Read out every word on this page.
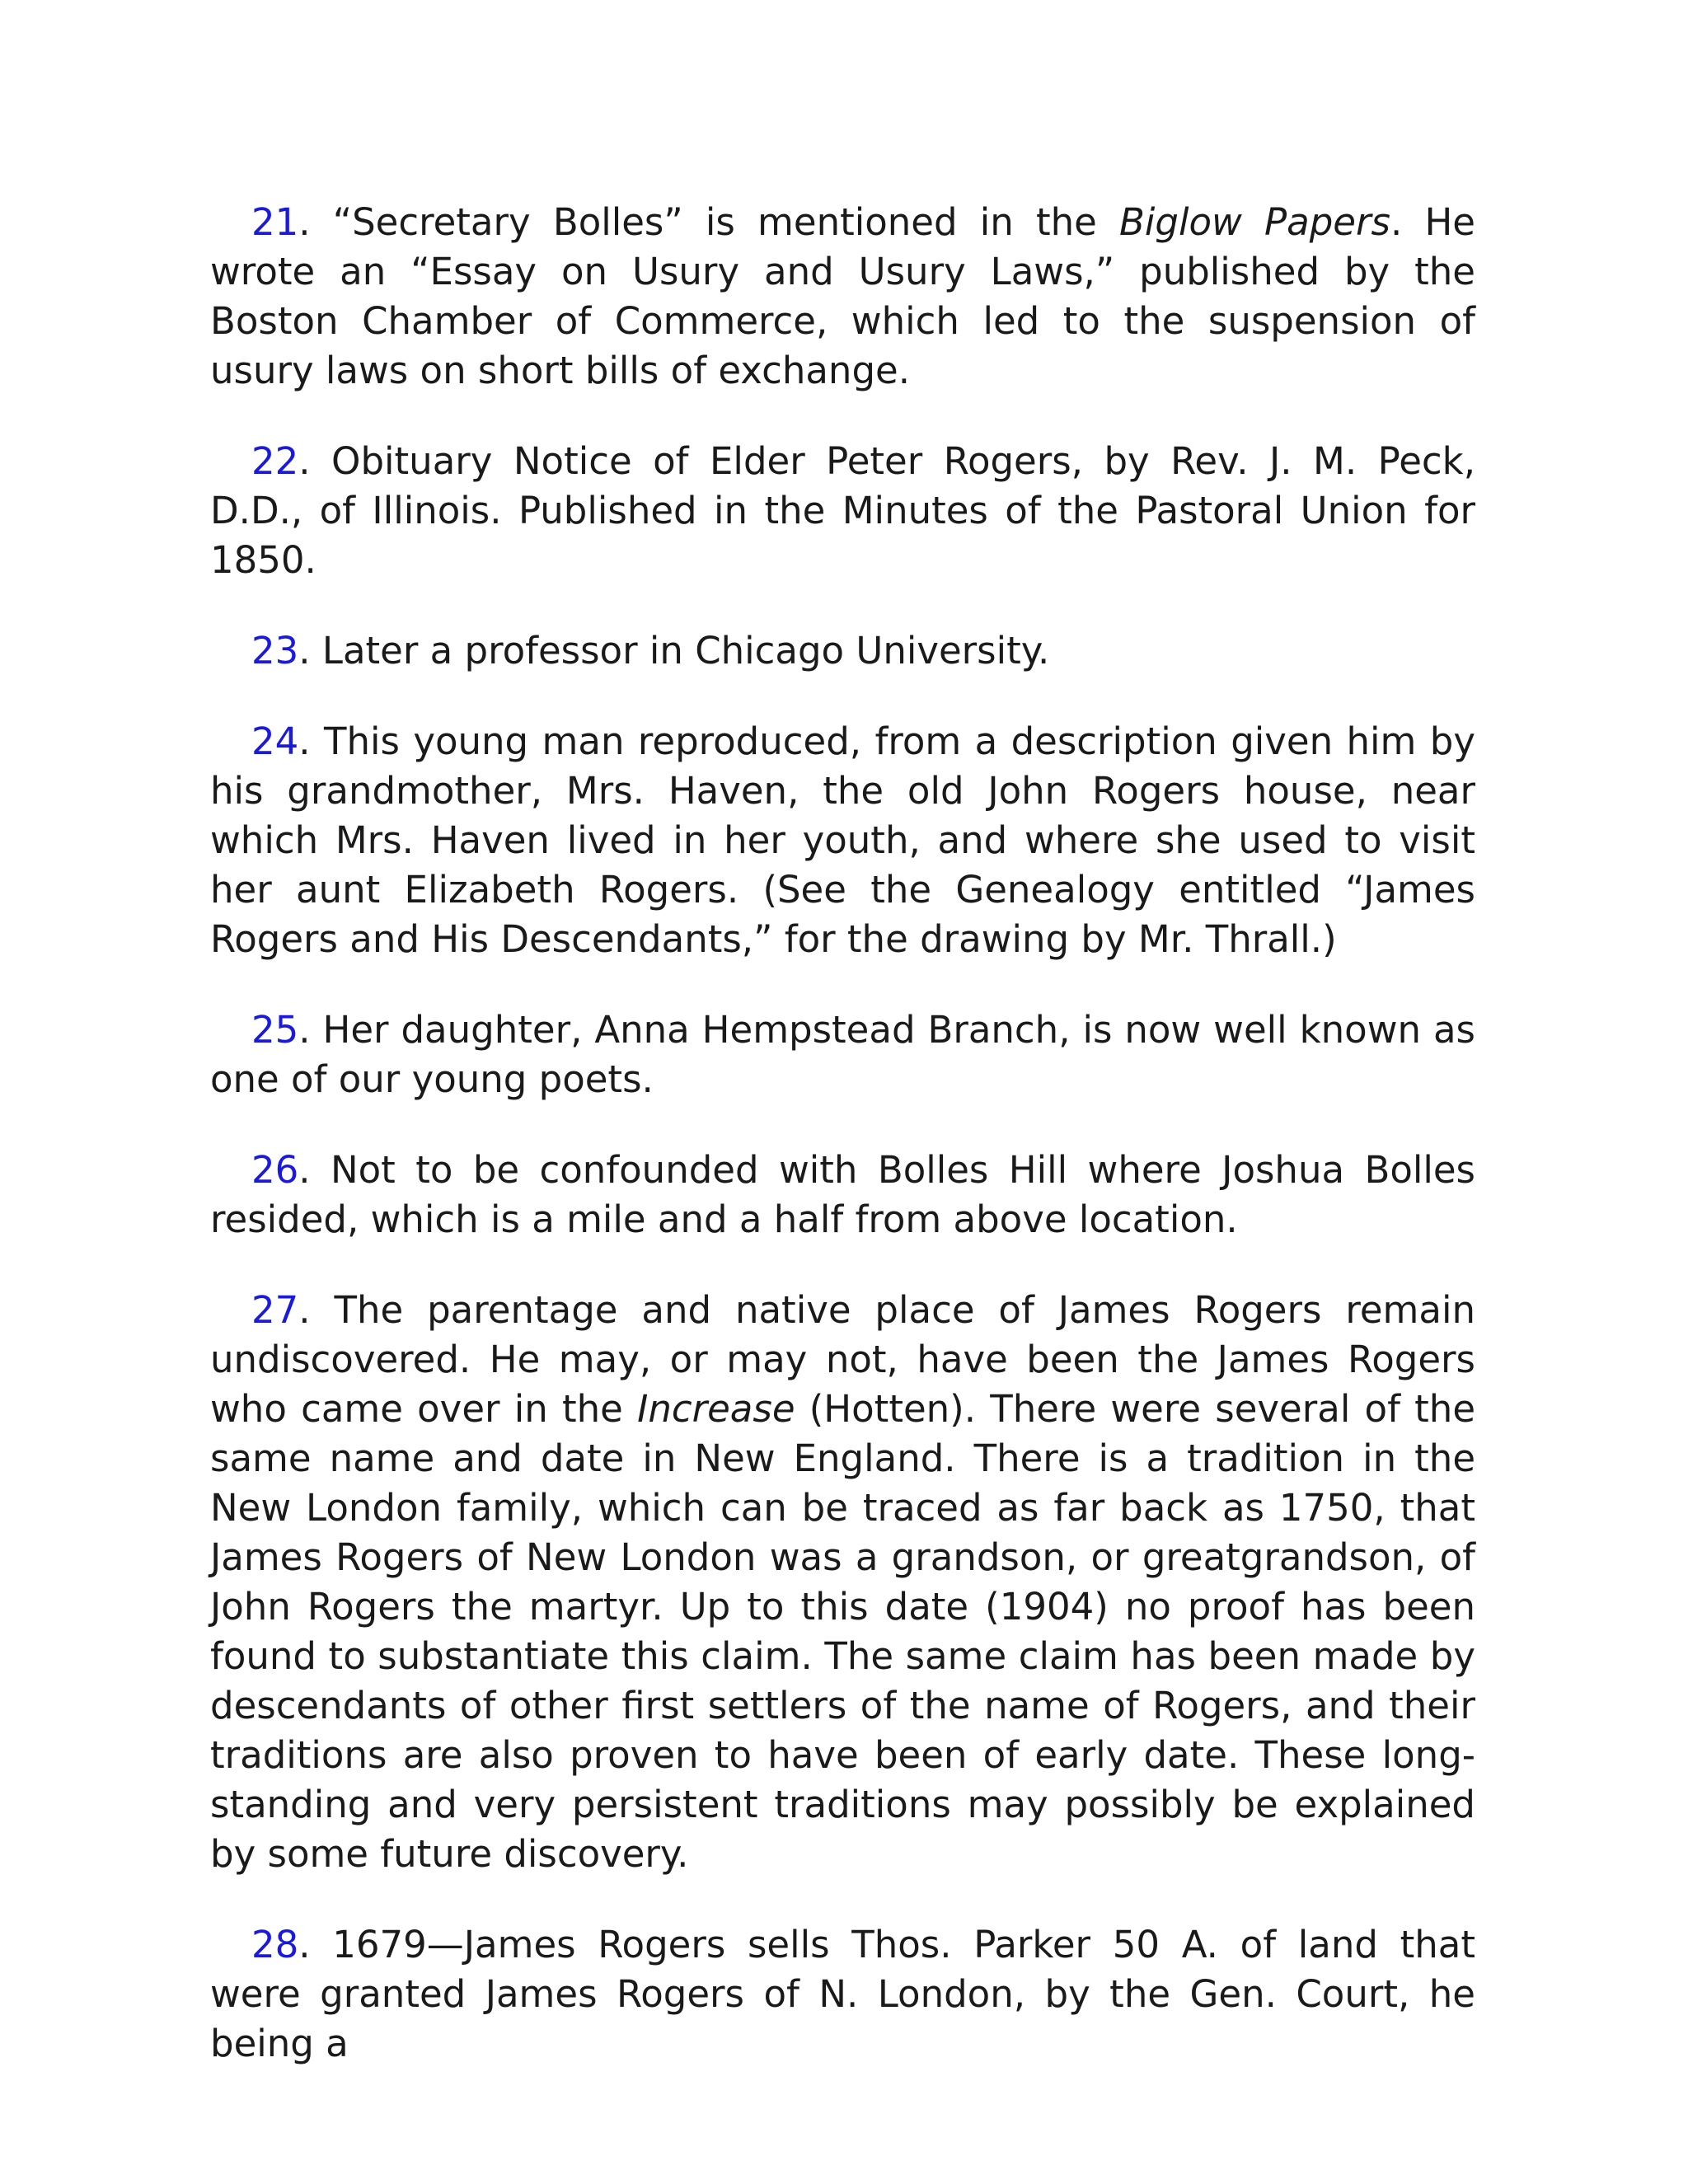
21. “Secretary Bolles” is mentioned in the Biglow Papers. He wrote an “Essay on Usury and Usury Laws,” published by the Boston Chamber of Commerce, which led to the suspension of usury laws on short bills of exchange.

22. Obituary Notice of Elder Peter Rogers, by Rev. J. M. Peck, D.D., of Illinois. Published in the Minutes of the Pastoral Union for 1850.

23. Later a professor in Chicago University.

24. This young man reproduced, from a description given him by his grandmother, Mrs. Haven, the old John Rogers house, near which Mrs. Haven lived in her youth, and where she used to visit her aunt Elizabeth Rogers. (See the Genealogy entitled “James Rogers and His Descendants,” for the drawing by Mr. Thrall.)

25. Her daughter, Anna Hempstead Branch, is now well known as one of our young poets.

26. Not to be confounded with Bolles Hill where Joshua Bolles resided, which is a mile and a half from above location.

27. The parentage and native place of James Rogers remain undiscovered. He may, or may not, have been the James Rogers who came over in the Increase (Hotten). There were several of the same name and date in New England. There is a tradition in the New London family, which can be traced as far back as 1750, that James Rogers of New London was a grandson, or greatgrandson, of John Rogers the martyr. Up to this date (1904) no proof has been found to substantiate this claim. The same claim has been made by descendants of other first settlers of the name of Rogers, and their traditions are also proven to have been of early date. These long-standing and very persistent traditions may possibly be explained by some future discovery.

28. 1679—James Rogers sells Thos. Parker 50 A. of land that were granted James Rogers of N. London, by the Gen. Court, he being a
